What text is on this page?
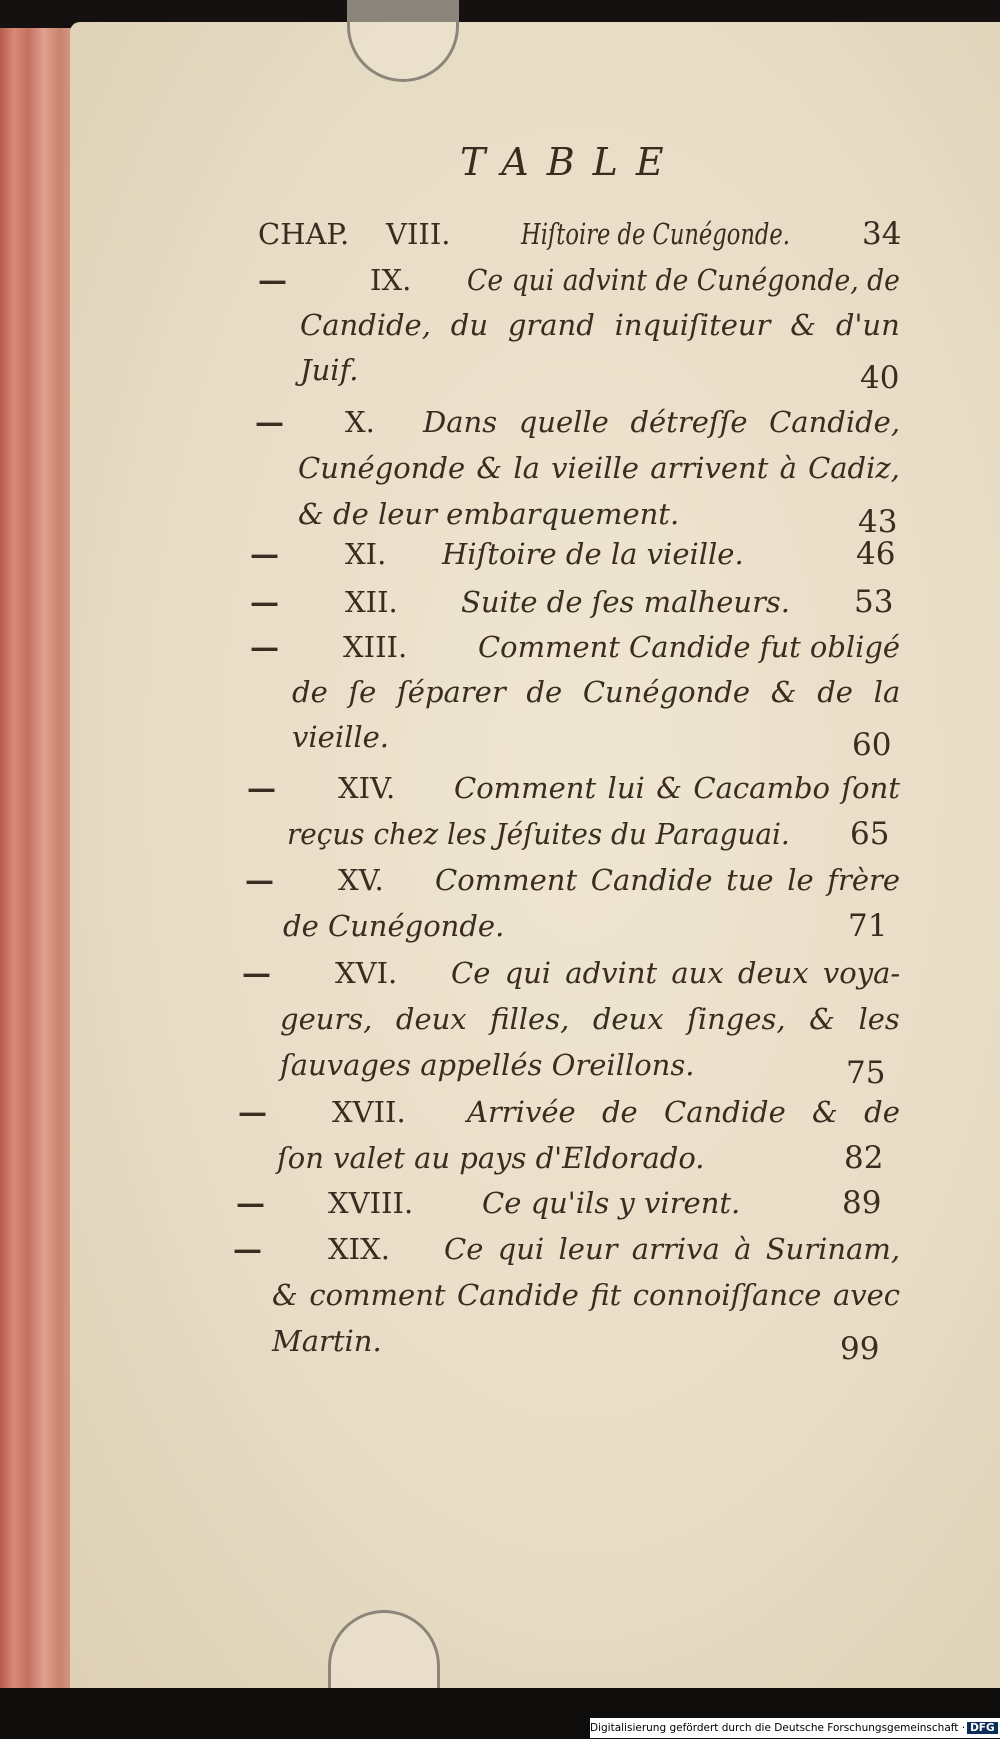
TABLE
CHAP. VIII. Hiſtoire de Cunégonde. 34
—	IX. Ce qui advint de Cunégonde, de
Candide, du grand inquiſiteur & d'un
Juif.	40
— X. Dans quelle détreſſe Candide,
Cunégonde & la vieille arrivent à Cadiz,
& de leur embarquement.	43
— XI. Hiſtoire de la vieille.	46
— XII. Suite de ſes malheurs. 53
— XIII. Comment Candide fut obligé
de ſe ſéparer de Cunégonde & de la
vieille.	60
— XIV. Comment lui & Cacambo ſont
reçus chez les Jéſuites du Paraguai. 65
— XV. Comment Candide tue le frère
de Cunégonde.	71
— XVI. Ce qui advint aux deux voya-
geurs, deux filles, deux ſinges, & les
ſauvages appellés Oreillons.	75
— XVII. Arrivée de Candide & de
ſon valet au pays d'Eldorado.	82
— XVIII. Ce qu'ils y virent.	89
— XIX. Ce qui leur arriva à Surinam,
& comment Candide fit connoiſſance avec
Martin.	99
Digitalisierung gefördert durch die Deutsche Forschungsgemeinschaft · DFG
